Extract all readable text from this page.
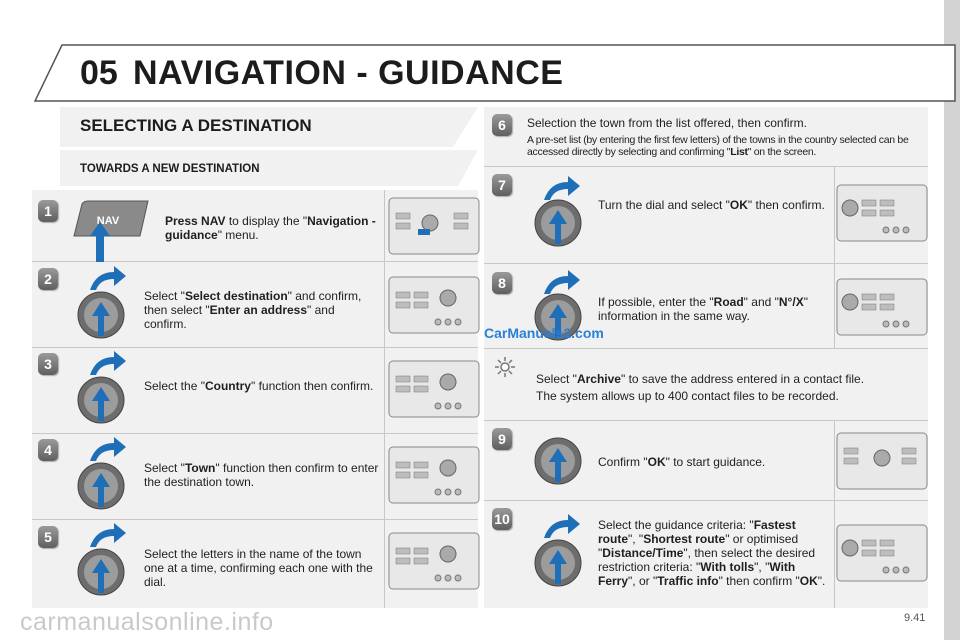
05 NAVIGATION - GUIDANCE
SELECTING A DESTINATION
TOWARDS A NEW DESTINATION
1
2
3
4
5
6
7
8
9
10
NAV	Press NAV to display the "Navigation - guidance" menu.
Select "Select destination" and confirm, then select "Enter an address" and confirm.
Select the "Country" function then confirm.
Select "Town" function then confirm to enter the destination town.
Select the letters in the name of the town one at a time, confirming each one with the dial.
Selection the town from the list offered, then confirm.
A pre-set list (by entering the first few letters) of the towns in the country selected can be accessed directly by selecting and confirming "List" on the screen.
Turn the dial and select "OK" then confirm.
If possible, enter the "Road" and "N°/X" information in the same way.
Select "Archive" to save the address entered in a contact file.
The system allows up to 400 contact files to be recorded.
Confirm "OK" to start guidance.
Select the guidance criteria: "Fastest route", "Shortest route" or optimised "Distance/Time", then select the desired restriction criteria: "With tolls", "With Ferry", or "Traffic info" then confirm "OK".
CarManuals2.com
carmanualsonline.info	9.41
